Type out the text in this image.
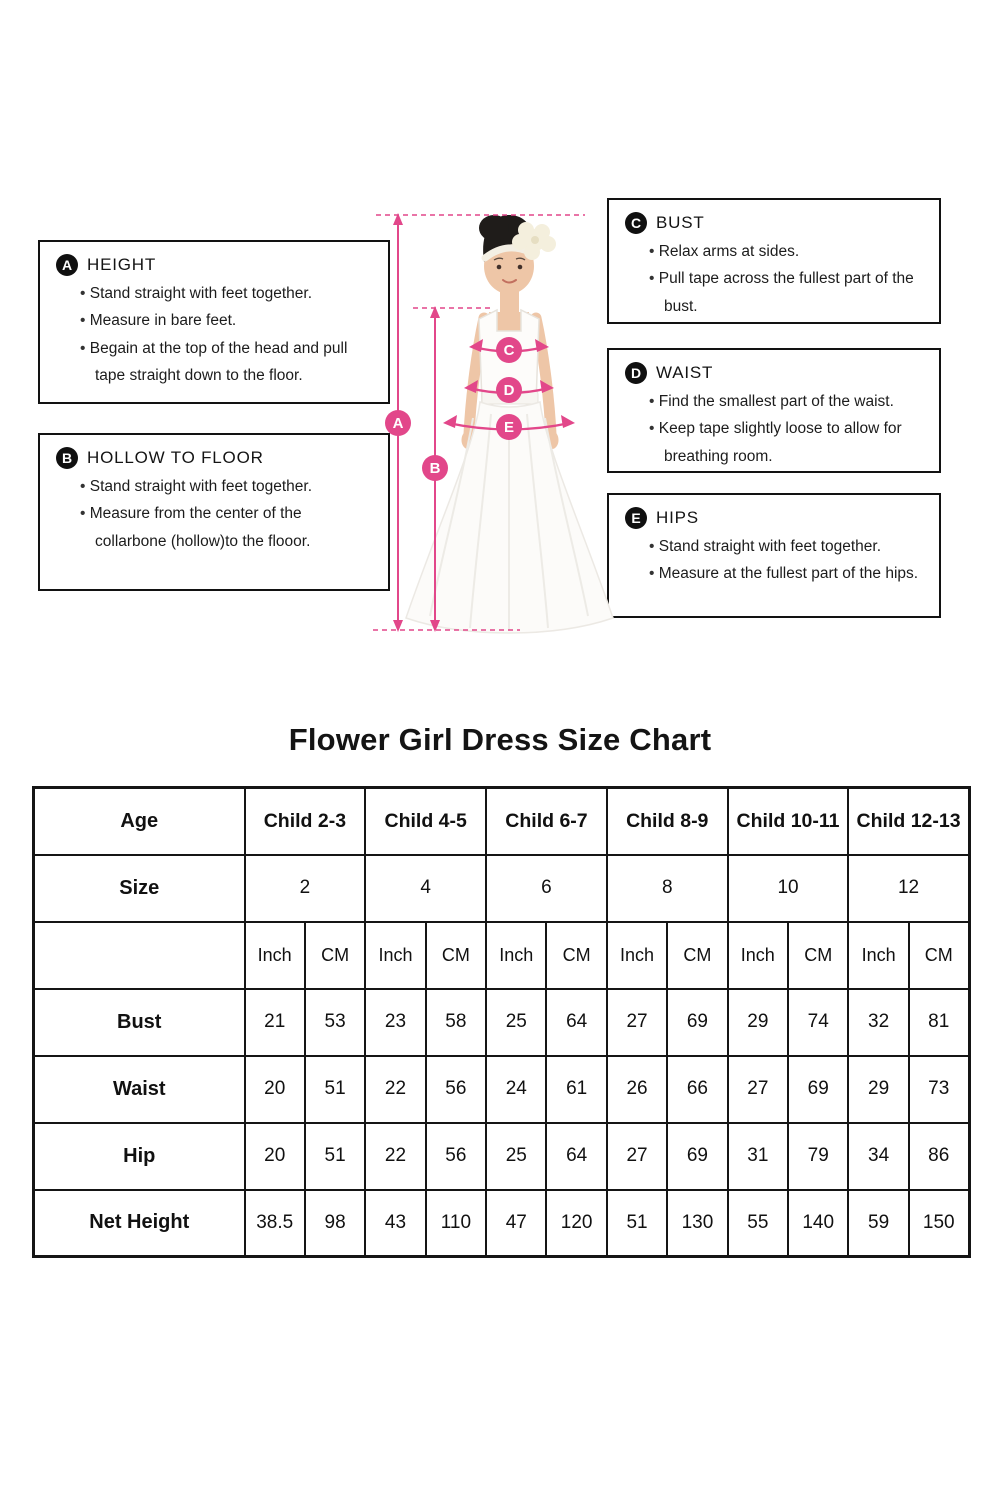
A HEIGHT
• Stand straight with feet together.
• Measure in bare feet.
• Begain at the top of the head and pull tape straight down to the floor.
B HOLLOW TO FLOOR
• Stand straight with feet together.
• Measure from the center of the collarbone (hollow)to the flooor.
C BUST
• Relax arms at sides.
• Pull tape across the fullest part of the bust.
D WAIST
• Find the smallest part of the waist.
• Keep tape slightly loose to allow for breathing room.
E HIPS
• Stand straight with feet together.
• Measure at the fullest part of the hips.
A
B
C
D
E
Flower Girl Dress Size Chart
Age	Child 2-3		Child 4-5		Child 6-7		Child 8-9		Child 10-11		Child 12-13	
Size	2		4		6		8		10		12	
	Inch	CM	Inch	CM	Inch	CM	Inch	CM	Inch	CM	Inch	CM
Bust	21	53	23	58	25	64	27	69	29	74	32	81
Waist	20	51	22	56	24	61	26	66	27	69	29	73
Hip	20	51	22	56	25	64	27	69	31	79	34	86
Net Height	38.5	98	43	110	47	120	51	130	55	140	59	150
